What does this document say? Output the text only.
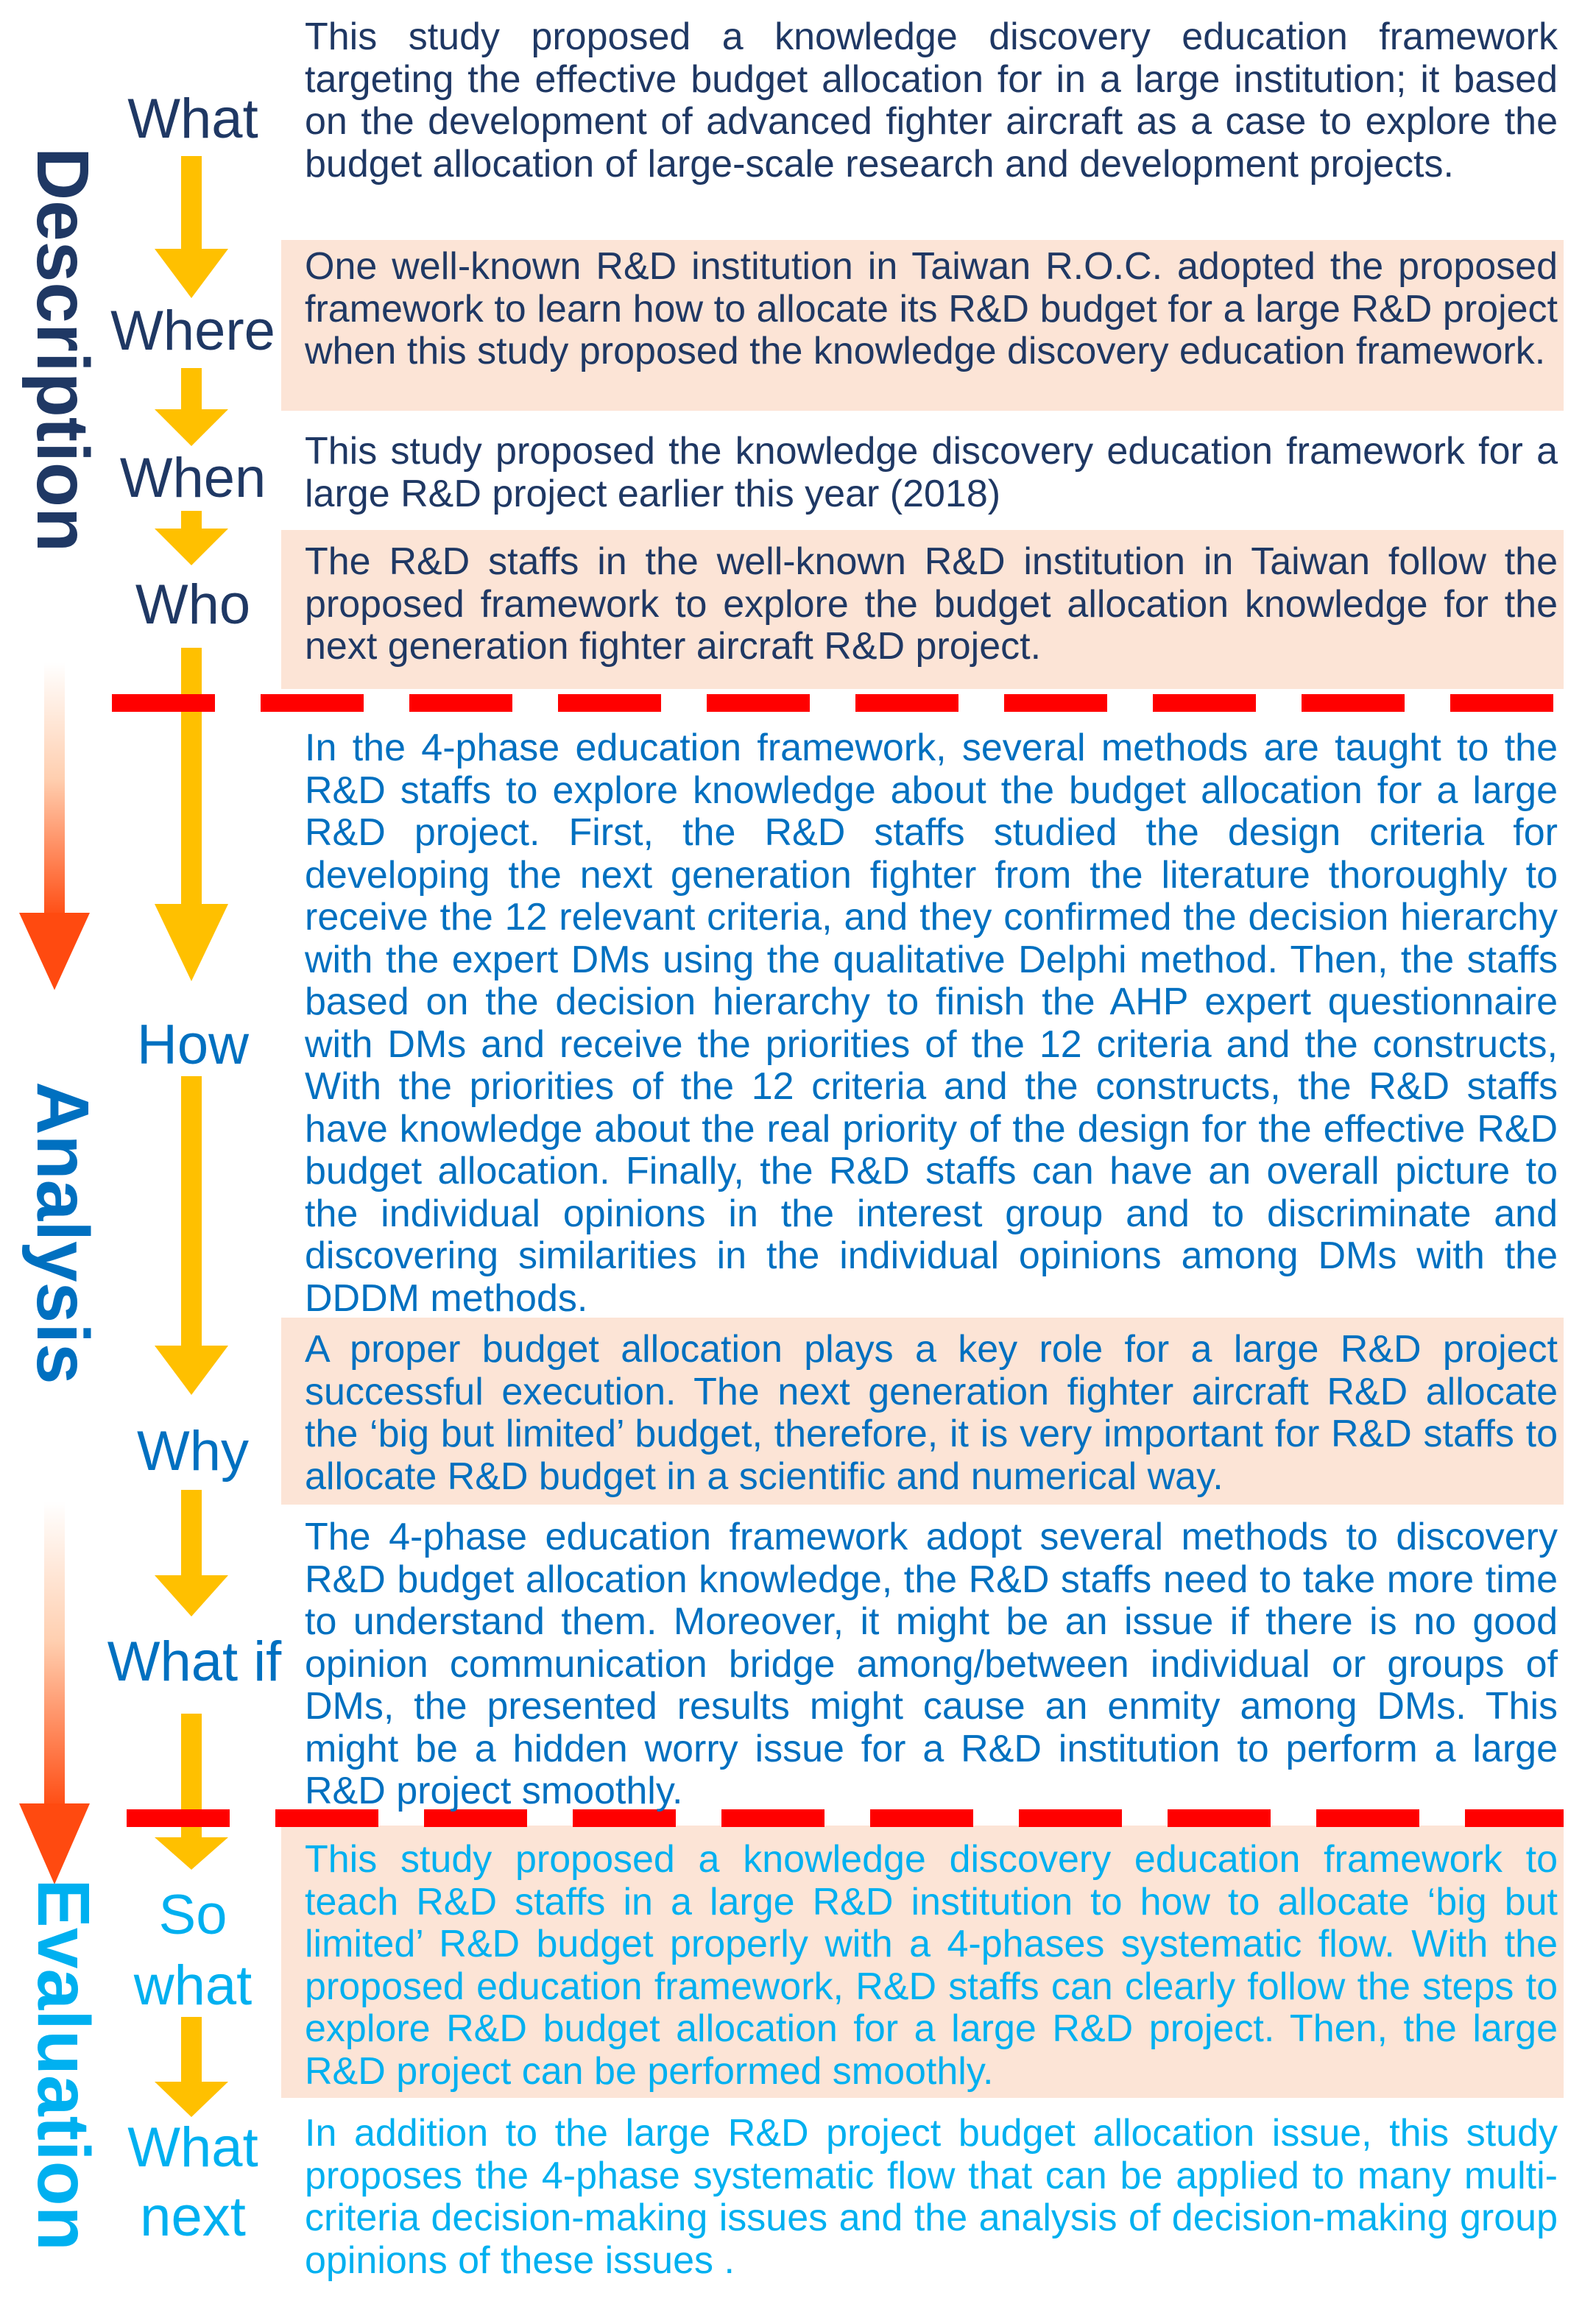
Description
Analysis
Evaluation
What
Where
When
Who
How
Why
What if
So
what
What
next

This study proposed a knowledge discovery education framework targeting the effective budget allocation for in a large institution; it based on the development of advanced fighter aircraft as a case to explore the budget allocation of large-scale research and development projects.

One well-known R&D institution in Taiwan R.O.C. adopted the proposed framework to learn how to allocate its R&D budget for a large R&D project when this study proposed the knowledge discovery education framework.

This study proposed the knowledge discovery education framework for a large R&D project earlier this year (2018)

The R&D staffs in the well-known R&D institution in Taiwan follow the proposed framework to explore the budget allocation knowledge for the next generation fighter aircraft R&D project.

In the 4-phase education framework, several methods are taught to the R&D staffs to explore knowledge about the budget allocation for a large R&D project. First, the R&D staffs studied the design criteria for developing the next generation fighter from the literature thoroughly to receive the 12 relevant criteria, and they confirmed the decision hierarchy with the expert DMs using the qualitative Delphi method. Then, the staffs based on the decision hierarchy to finish the AHP expert questionnaire with DMs and receive the priorities of the 12 criteria and the constructs, With the priorities of the 12 criteria and the constructs, the R&D staffs have knowledge about the real priority of the design for the effective R&D budget allocation. Finally, the R&D staffs can have an overall picture to the individual opinions in the interest group and to discriminate and discovering similarities in the individual opinions among DMs with the DDDM methods.

A proper budget allocation plays a key role for a large R&D project successful execution. The next generation fighter aircraft R&D allocate the ‘big but limited’ budget, therefore, it is very important for R&D staffs to allocate R&D budget in a scientific and numerical way.

The 4-phase education framework adopt several methods to discovery R&D budget allocation knowledge, the R&D staffs need to take more time to understand them. Moreover, it might be an issue if there is no good opinion communication bridge among/between individual or groups of DMs, the presented results might cause an enmity among DMs. This might be a hidden worry issue for a R&D institution to perform a large R&D project smoothly.

This study proposed a knowledge discovery education framework to teach R&D staffs in a large R&D institution to how to allocate ‘big but limited’ R&D budget properly with a 4-phases systematic flow. With the proposed education framework, R&D staffs can clearly follow the steps to explore R&D budget allocation for a large R&D project. Then, the large R&D project can be performed smoothly.

In addition to the large R&D project budget allocation issue, this study proposes the 4-phase systematic flow that can be applied to many multi-criteria decision-making issues and the analysis of decision-making group opinions of these issues .
